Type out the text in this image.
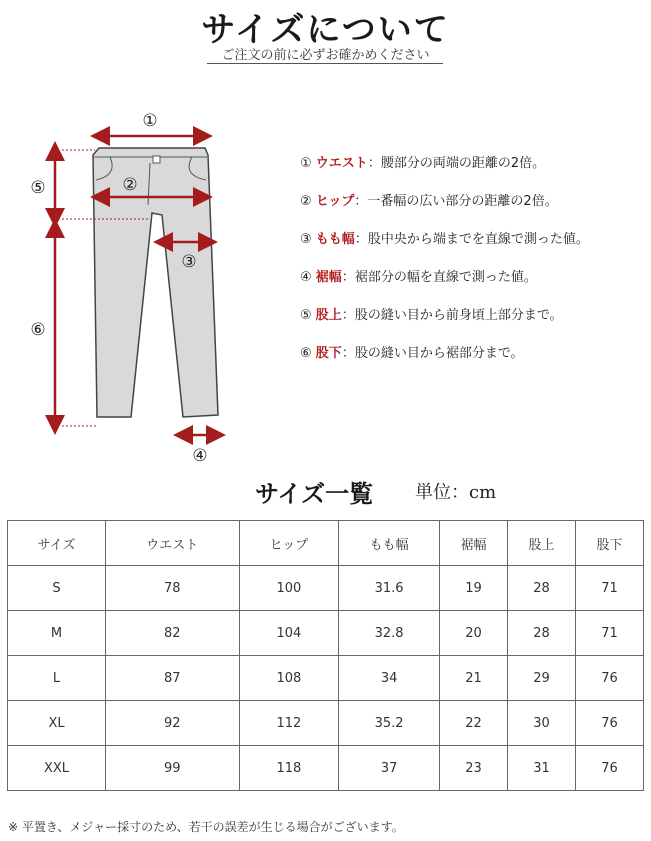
サイズについて
ご注文の前に必ずお確かめください
①
②
③
④
⑤
⑥
① ウエスト：腰部分の両端の距離の2倍。
② ヒップ：一番幅の広い部分の距離の2倍。
③ もも幅：股中央から端までを直線で測った値。
④ 裾幅：裾部分の幅を直線で測った値。
⑤ 股上：股の縫い目から前身頃上部分まで。
⑥ 股下：股の縫い目から裾部分まで。
サイズ一覧 単位：cm
サイズ	ウエスト	ヒップ	もも幅	裾幅	股上	股下
S	78	100	31.6	19	28	71
M	82	104	32.8	20	28	71
L	87	108	34	21	29	76
XL	92	112	35.2	22	30	76
XXL	99	118	37	23	31	76
※ 平置き、メジャー採寸のため、若干の誤差が生じる場合がございます。
